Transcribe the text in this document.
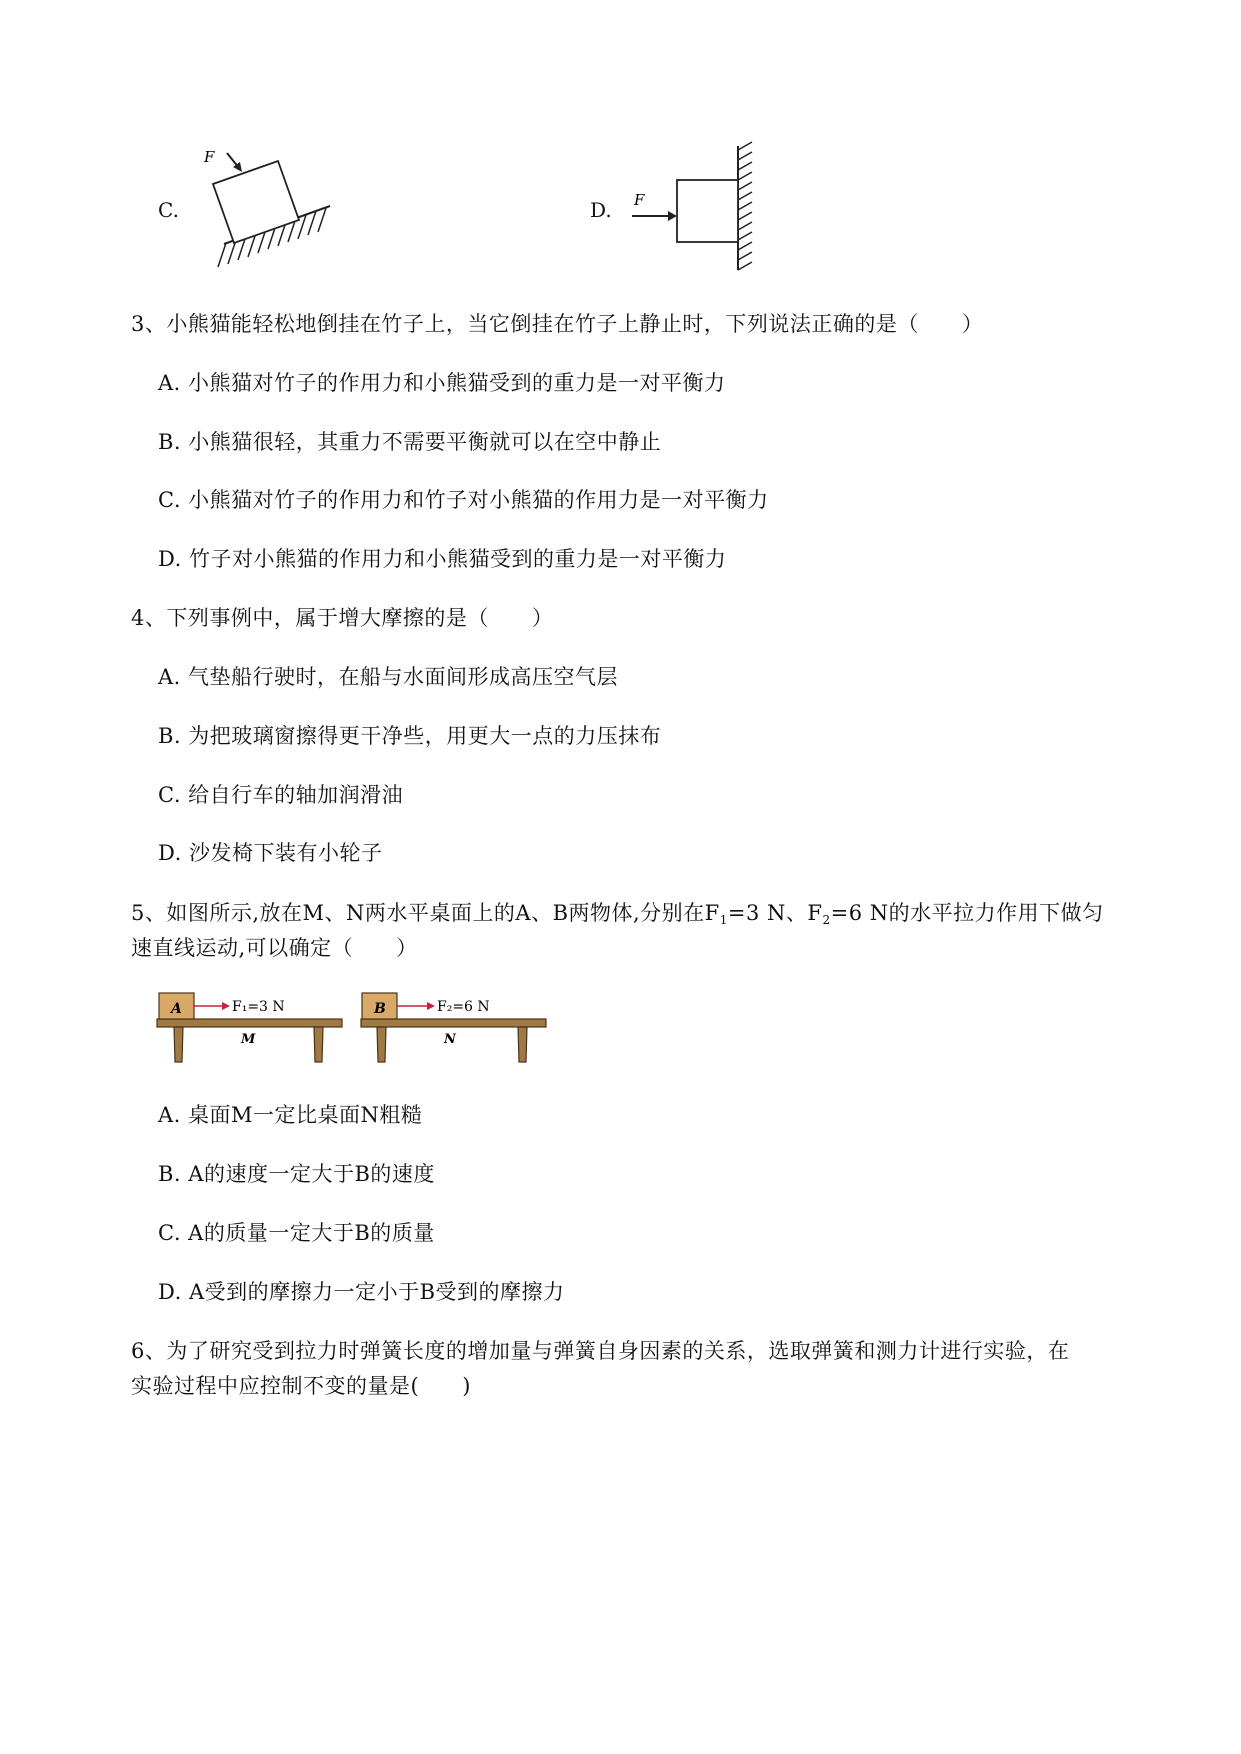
C.
F
D. F
3、小熊猫能轻松地倒挂在竹子上，当它倒挂在竹子上静止时，下列说法正确的是（　　）
A. 小熊猫对竹子的作用力和小熊猫受到的重力是一对平衡力
B. 小熊猫很轻，其重力不需要平衡就可以在空中静止
C. 小熊猫对竹子的作用力和竹子对小熊猫的作用力是一对平衡力
D. 竹子对小熊猫的作用力和小熊猫受到的重力是一对平衡力
4、下列事例中，属于增大摩擦的是（　　）
A. 气垫船行驶时，在船与水面间形成高压空气层
B. 为把玻璃窗擦得更干净些，用更大一点的力压抹布
C. 给自行车的轴加润滑油
D. 沙发椅下装有小轮子
5、如图所示,放在M、N两水平桌面上的A、B两物体,分别在$F_1=3$ N、$F_2=6$ N的水平拉力作用下做匀
速直线运动,可以确定（　　）
A	F₁=3 N
M
B	F₂=6 N
N
A. 桌面M一定比桌面N粗糙
B. A的速度一定大于B的速度
C. A的质量一定大于B的质量
D. A受到的摩擦力一定小于B受到的摩擦力
6、为了研究受到拉力时弹簧长度的增加量与弹簧自身因素的关系，选取弹簧和测力计进行实验，在
实验过程中应控制不变的量是(　　)
